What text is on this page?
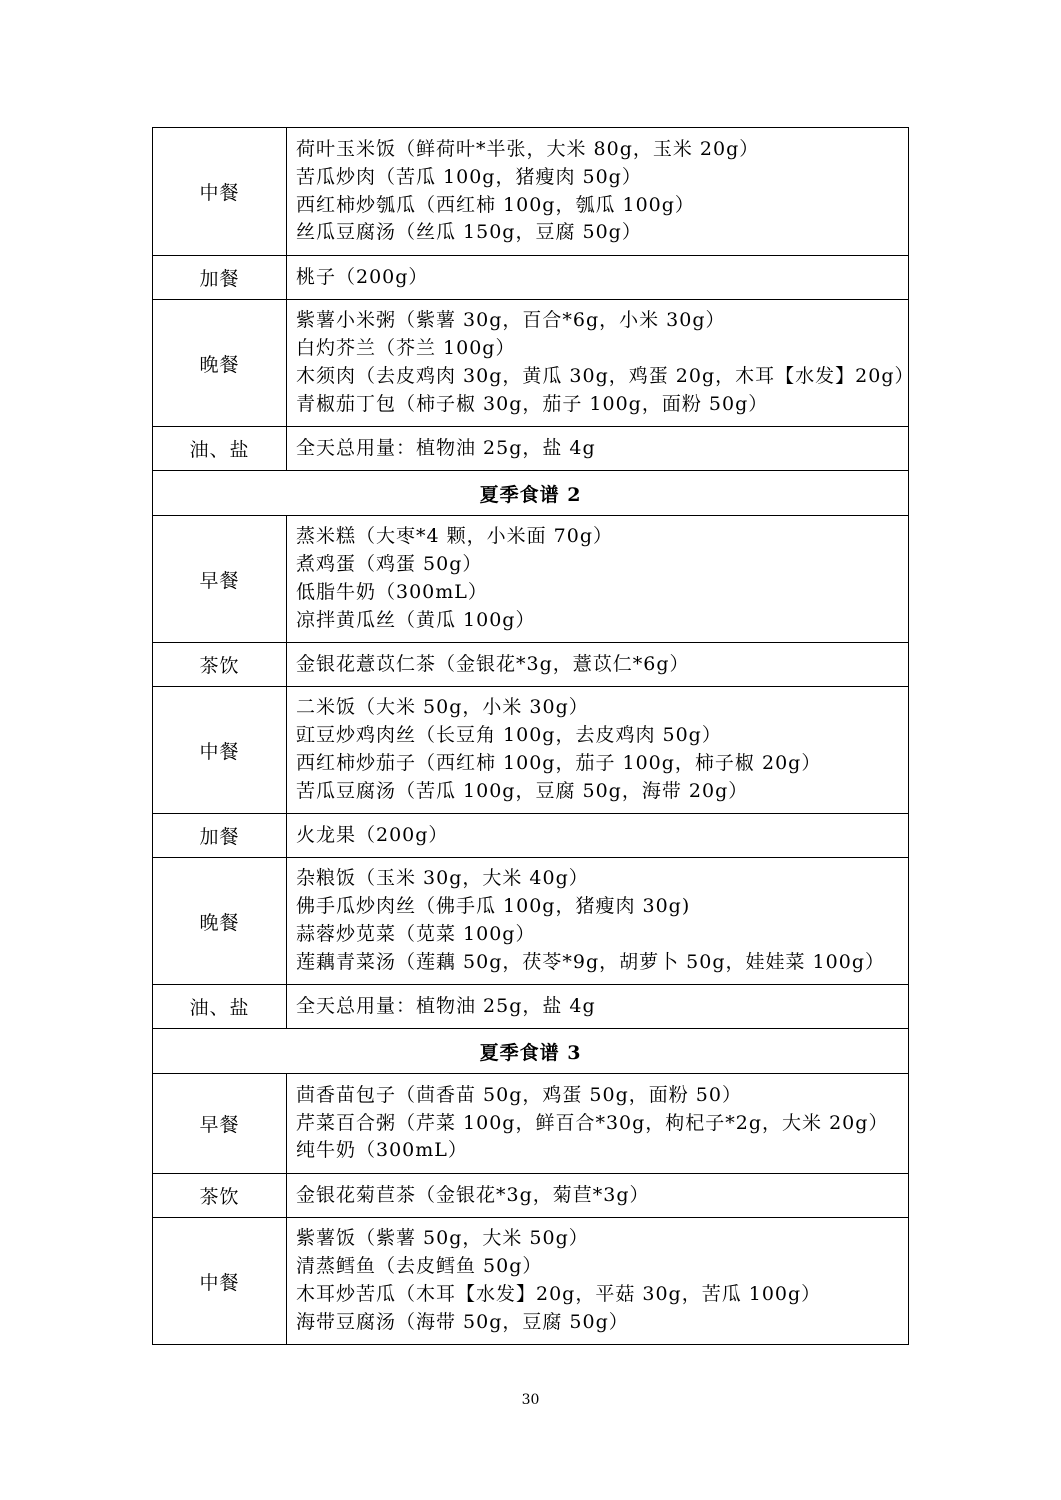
中餐	荷叶玉米饭（鲜荷叶*半张，大米 80g，玉米 20g）
苦瓜炒肉（苦瓜 100g，猪瘦肉 50g）
西红柿炒瓠瓜（西红柿 100g，瓠瓜 100g）
丝瓜豆腐汤（丝瓜 150g，豆腐 50g）

加餐	桃子（200g）

晚餐	紫薯小米粥（紫薯 30g，百合*6g，小米 30g）
白灼芥兰（芥兰 100g）
木须肉（去皮鸡肉 30g，黄瓜 30g，鸡蛋 20g，木耳【水发】20g）
青椒茄丁包（柿子椒 30g，茄子 100g，面粉 50g）

油、盐	全天总用量：植物油 25g，盐 4g

夏季食谱 2	
早餐	蒸米糕（大枣*4 颗，小米面 70g）
煮鸡蛋（鸡蛋 50g）
低脂牛奶（300mL）
凉拌黄瓜丝（黄瓜 100g）

茶饮	金银花薏苡仁茶（金银花*3g，薏苡仁*6g）

中餐	二米饭（大米 50g，小米 30g）
豇豆炒鸡肉丝（长豆角 100g，去皮鸡肉 50g）
西红柿炒茄子（西红柿 100g，茄子 100g，柿子椒 20g）
苦瓜豆腐汤（苦瓜 100g，豆腐 50g，海带 20g）

加餐	火龙果（200g）

晚餐	杂粮饭（玉米 30g，大米 40g）
佛手瓜炒肉丝（佛手瓜 100g，猪瘦肉 30g)
蒜蓉炒苋菜（苋菜 100g）
莲藕青菜汤（莲藕 50g，茯苓*9g，胡萝卜 50g，娃娃菜 100g）

油、盐	全天总用量：植物油 25g，盐 4g

夏季食谱 3	
早餐	茴香苗包子（茴香苗 50g，鸡蛋 50g，面粉 50）
芹菜百合粥（芹菜 100g，鲜百合*30g，枸杞子*2g，大米 20g）
纯牛奶（300mL）

茶饮	金银花菊苣茶（金银花*3g，菊苣*3g）

中餐	紫薯饭（紫薯 50g，大米 50g）
清蒸鳕鱼（去皮鳕鱼 50g）
木耳炒苦瓜（木耳【水发】20g，平菇 30g，苦瓜 100g）
海带豆腐汤（海带 50g，豆腐 50g）
30
